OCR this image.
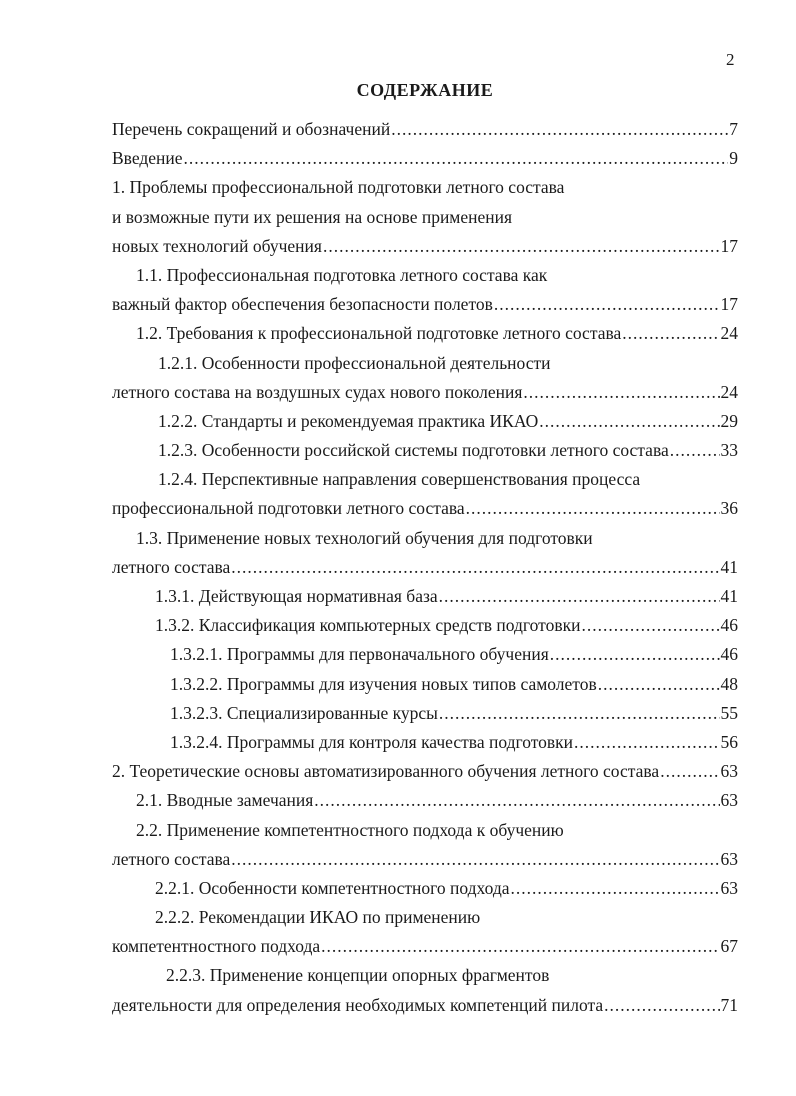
2
СОДЕРЖАНИЕ
Перечень сокращений и обозначений .....	7
Введение .....	9
1. Проблемы профессиональной подготовки летного состава
и возможные пути их решения на основе применения
новых технологий обучения .....	17
1.1. Профессиональная подготовка летного состава как
важный фактор обеспечения безопасности полетов .....	17
1.2. Требования к профессиональной подготовке летного состава .....	24
1.2.1. Особенности профессиональной деятельности
летного состава на воздушных судах нового поколения .....	24
1.2.2. Стандарты и рекомендуемая практика ИКАО .....	29
1.2.3. Особенности российской системы подготовки летного состава .....	33
1.2.4. Перспективные направления совершенствования процесса
профессиональной подготовки летного состава .....	36
1.3. Применение новых технологий обучения для подготовки
летного состава .....	41
1.3.1. Действующая нормативная база .....	41
1.3.2. Классификация компьютерных средств подготовки .....	46
1.3.2.1. Программы для первоначального обучения .....	46
1.3.2.2. Программы для изучения новых типов самолетов .....	48
1.3.2.3. Специализированные курсы .....	55
1.3.2.4. Программы для контроля качества подготовки .....	56
2. Теоретические основы автоматизированного обучения летного состава .....	63
2.1. Вводные замечания .....	63
2.2. Применение компетентностного подхода к обучению
летного состава .....	63
2.2.1. Особенности компетентностного подхода .....	63
2.2.2. Рекомендации ИКАО по применению
компетентностного подхода .....	67
2.2.3. Применение концепции опорных фрагментов
деятельности для определения необходимых компетенций пилота .....	71
